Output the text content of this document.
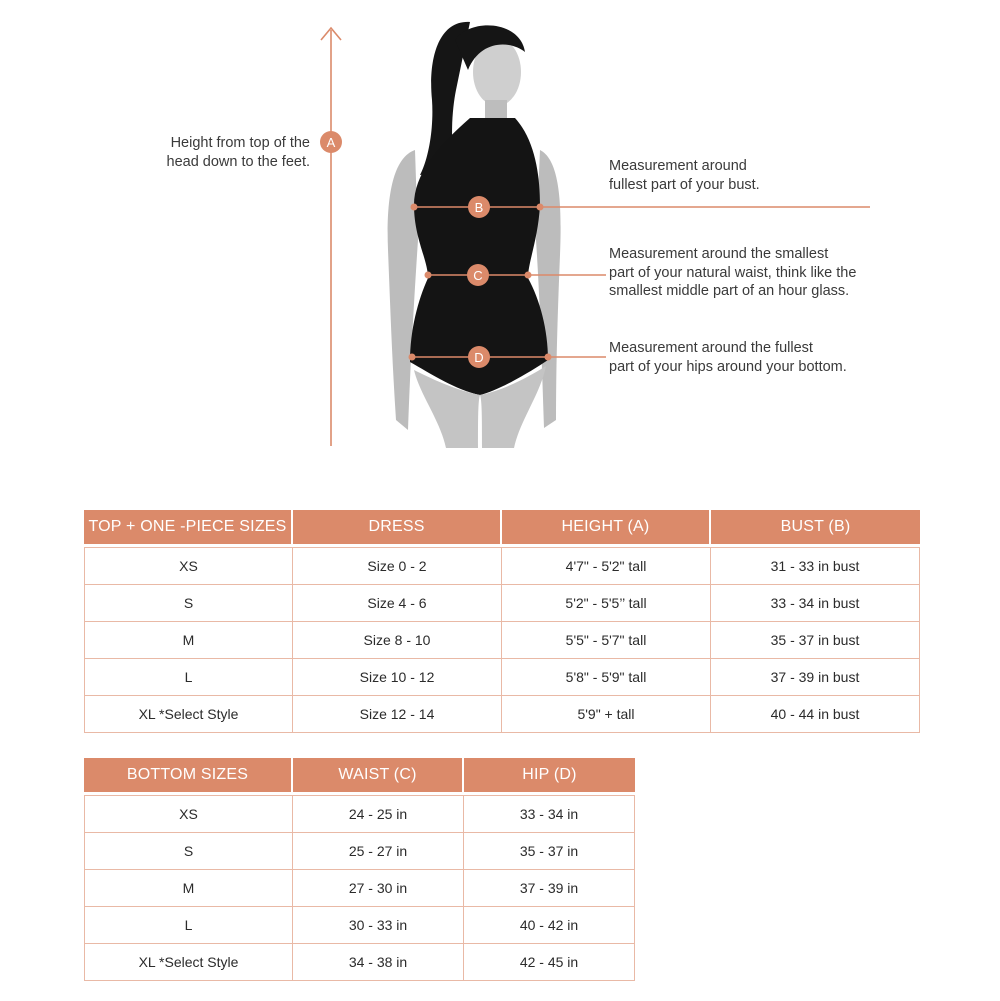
A
B
C
D
Height from top of the
head down to the feet.	Measurement around
fullest part of your bust.
Measurement around the smallest
part of your natural waist, think like the
smallest middle part of an hour glass.
Measurement around the fullest
part of your hips around your bottom.
TOP + ONE -PIECE SIZES	DRESS	HEIGHT (A)	BUST (B)

XS	Size 0 - 2	4'7" - 5'2" tall	31 - 33 in bust
S	Size 4 - 6	5'2" - 5'5’’ tall	33 - 34 in bust
M	Size 8 - 10	5'5" - 5'7" tall	35 - 37 in bust
L	Size 10 - 12	5'8" - 5'9" tall	37 - 39 in bust
XL *Select Style	Size 12 - 14	5'9" + tall	40 - 44 in bust
BOTTOM SIZES	WAIST (C)	HIP (D)

XS	24 - 25 in	33 - 34 in
S	25 - 27 in	35 - 37 in
M	27 - 30 in	37 - 39 in
L	30 - 33 in	40 - 42 in
XL *Select Style	34 - 38 in	42 - 45 in
